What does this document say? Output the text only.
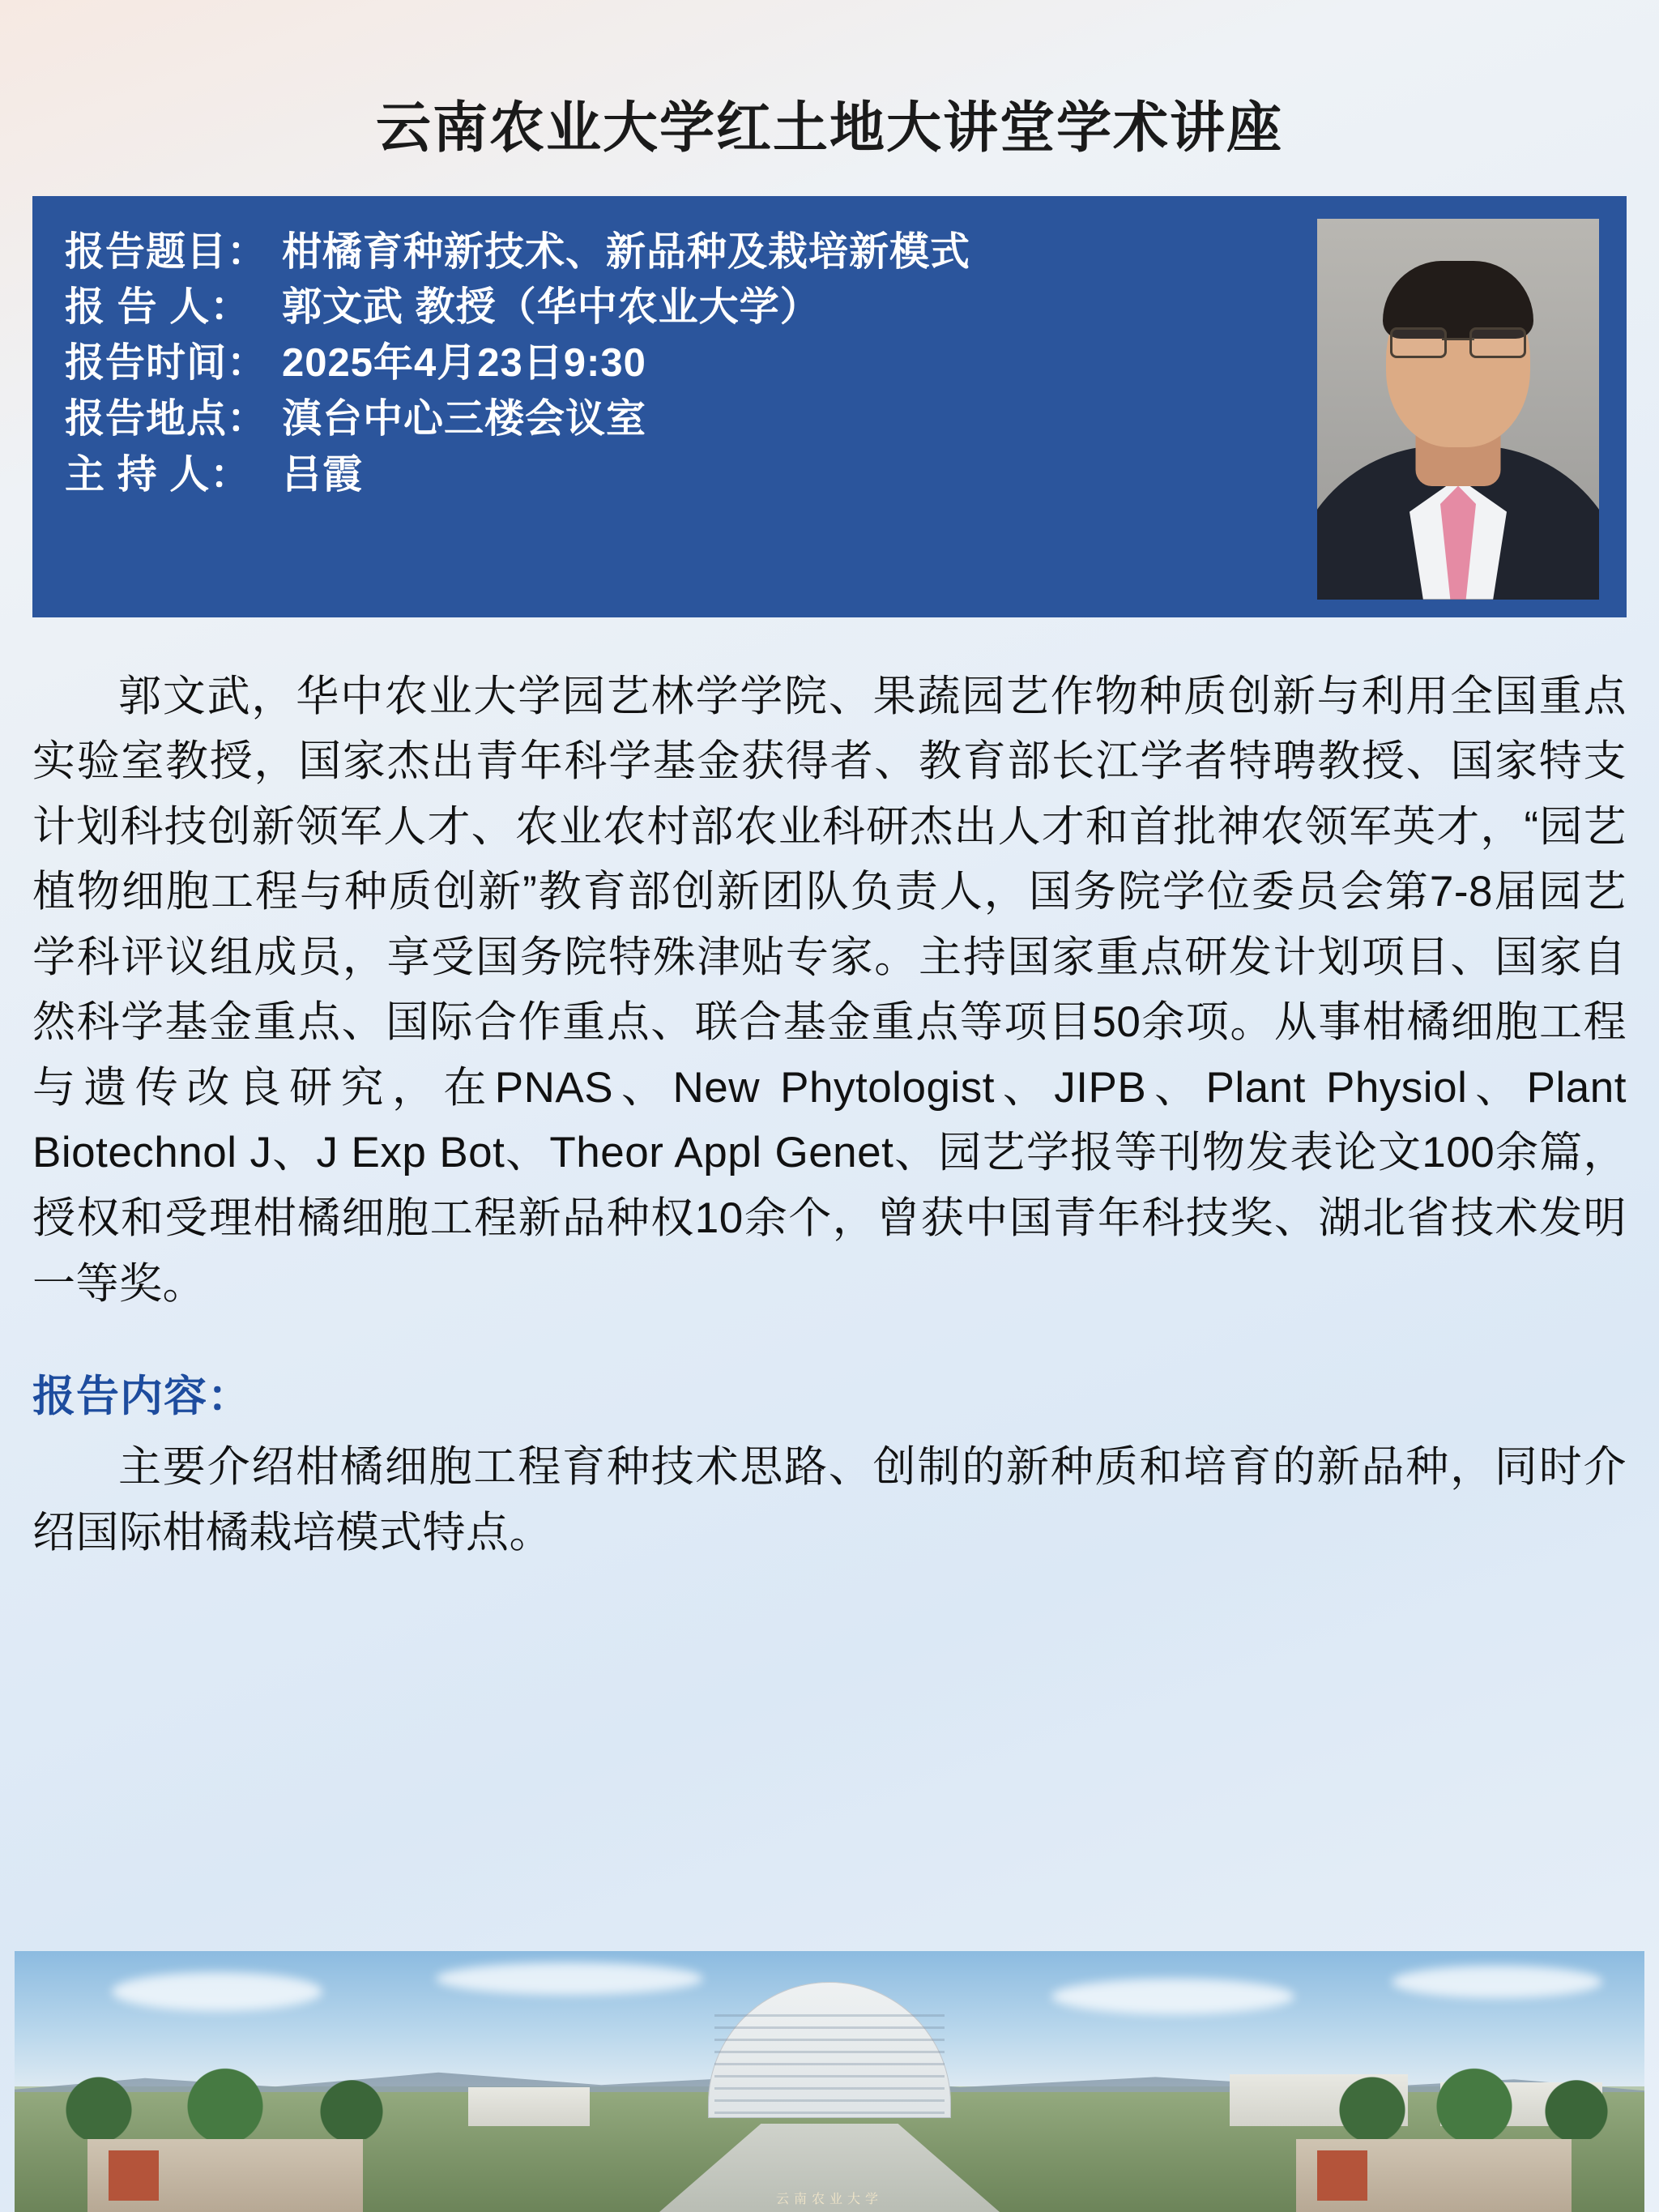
云南农业大学红土地大讲堂学术讲座
报告题目： 柑橘育种新技术、新品种及栽培新模式
报 告 人： 郭文武 教授（华中农业大学）
报告时间： 2025年4月23日9:30
报告地点： 滇台中心三楼会议室
主 持 人： 吕霞
郭文武，华中农业大学园艺林学学院、果蔬园艺作物种质创新与利用全国重点实验室教授，国家杰出青年科学基金获得者、教育部长江学者特聘教授、国家特支计划科技创新领军人才、农业农村部农业科研杰出人才和首批神农领军英才，“园艺植物细胞工程与种质创新”教育部创新团队负责人，国务院学位委员会第7-8届园艺学科评议组成员，享受国务院特殊津贴专家。主持国家重点研发计划项目、国家自然科学基金重点、国际合作重点、联合基金重点等项目50余项。从事柑橘细胞工程与遗传改良研究，在PNAS、New Phytologist、JIPB、Plant Physiol、Plant Biotechnol J、J Exp Bot、Theor Appl Genet、园艺学报等刊物发表论文100余篇，授权和受理柑橘细胞工程新品种权10余个，曾获中国青年科技奖、湖北省技术发明一等奖。
报告内容：
主要介绍柑橘细胞工程育种技术思路、创制的新种质和培育的新品种，同时介绍国际柑橘栽培模式特点。
云南农业大学
